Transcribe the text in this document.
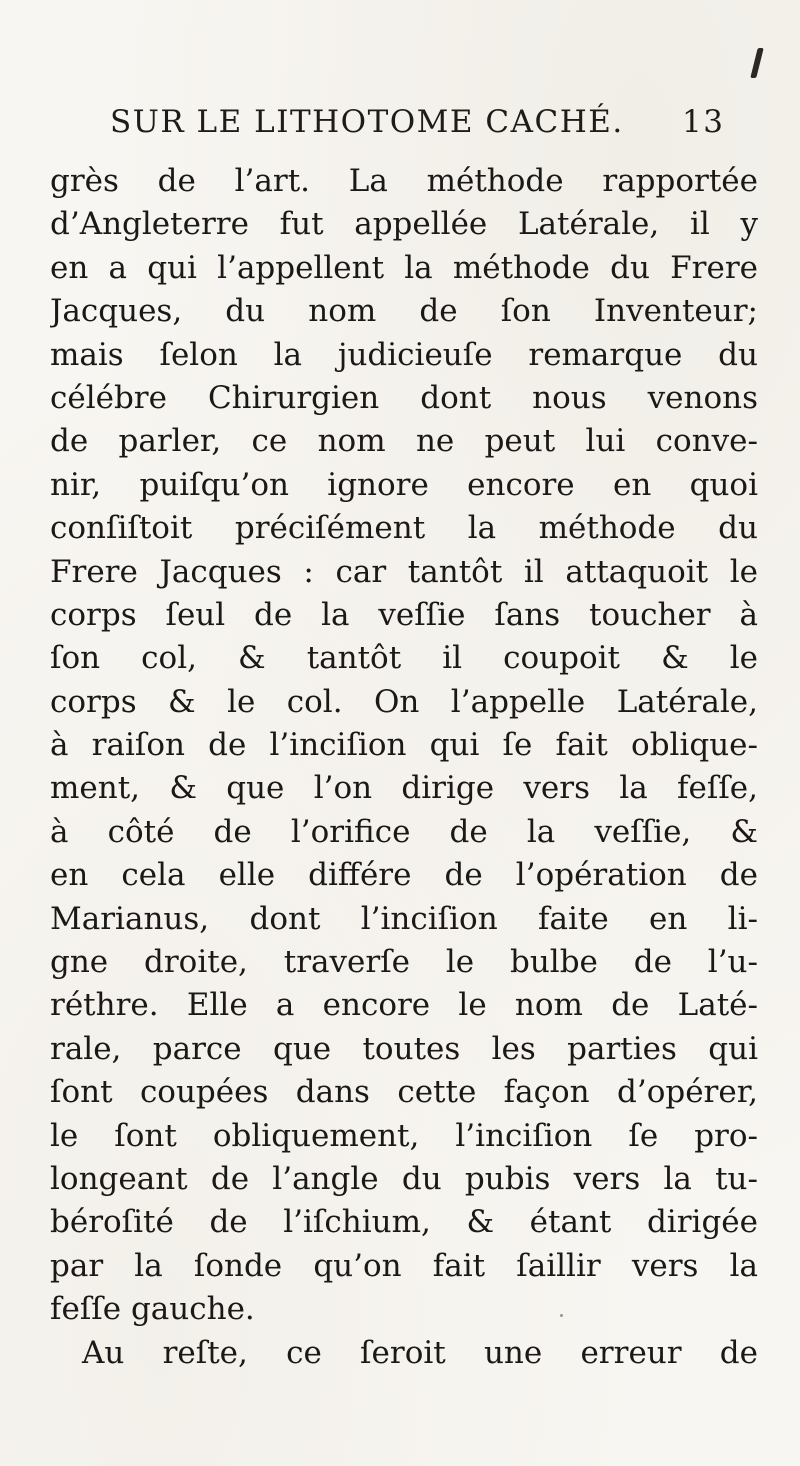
SUR LE LITHOTOME CACHÉ. 13
grès de l’art. La méthode rapportée
d’Angleterre fut appellée Latérale, il y
en a qui l’appellent la méthode du Frere
Jacques, du nom de ſon Inventeur;
mais ſelon la judicieuſe remarque du
célébre Chirurgien dont nous venons
de parler, ce nom ne peut lui conve-
nir, puiſqu’on ignore encore en quoi
conſiſtoit préciſément la méthode du
Frere Jacques : car tantôt il attaquoit le
corps ſeul de la veſſie ſans toucher à
ſon col, & tantôt il coupoit & le
corps & le col. On l’appelle Latérale,
à raiſon de l’inciſion qui ſe fait oblique-
ment, & que l’on dirige vers la feſſe,
à côté de l’orifice de la veſſie, &
en cela elle différe de l’opération de
Marianus, dont l’inciſion faite en li-
gne droite, traverſe le bulbe de l’u-
réthre. Elle a encore le nom de Laté-
rale, parce que toutes les parties qui
ſont coupées dans cette façon d’opérer,
le ſont obliquement, l’inciſion ſe pro-
longeant de l’angle du pubis vers la tu-
béroſité de l’iſchium, & étant dirigée
par la ſonde qu’on fait ſaillir vers la
feſſe gauche.
Au reſte, ce ſeroit une erreur de
